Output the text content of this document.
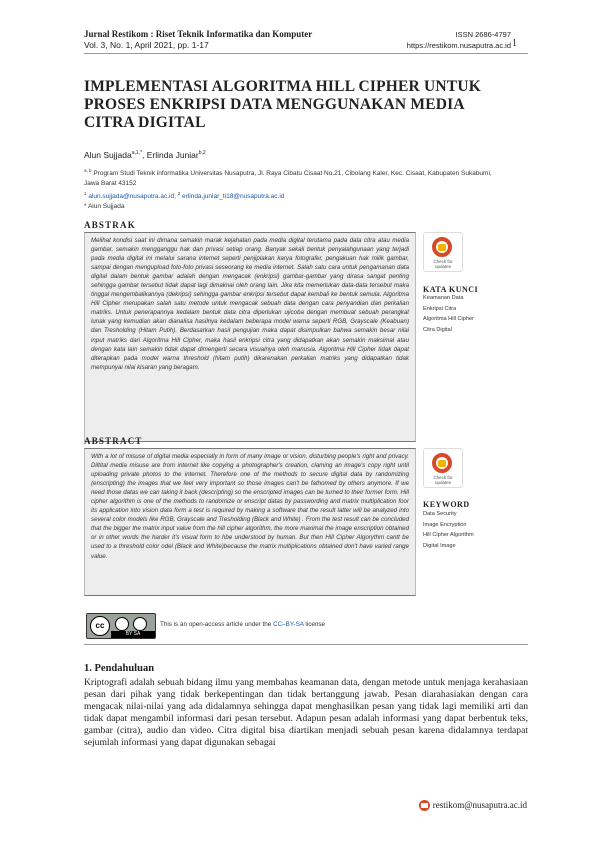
Jurnal Restikom : Riset Teknik Informatika dan Komputer
Vol. 3, No. 1, April 2021, pp. 1-17
ISSN 2686-4797
https://restikom.nusaputra.ac.id 1
IMPLEMENTASI ALGORITMA HILL CIPHER UNTUK PROSES ENKRIPSI DATA MENGGUNAKAN MEDIA CITRA DIGITAL
Alun Sujjada$^{a,1,*}$, Erlinda Juniar$^{b,2}$
$^{a, b}$ Program Studi Teknik informatika Universitas Nusaputra, Jl. Raya Cibatu Cisaat No.21, Cibolang Kaler, Kec. Cisaat, Kabupaten Sukabumi, Jawa Barat 43152
$^1$ alun.sujjada@nusaputra.ac.id; $^2$ erlinda.juniar_ti18@nusaputra.ac.id
* Alun Sujjada
ABSTRAK
Melihat kondisi saat ini dimana semakin marak kejahatan pada media digital terutama pada data citra atau media gambar, semakin mengganggu hak dan privasi setiap orang. Banyak sekali bentuk penyalahgunaan yang terjadi pada media digital ini melalui sarana internet seperti penjiplakan karya fotografer, pengakuan hak milik gambar, sampai dengan mengupload foto-foto privasi seseorang ke media internet. Salah satu cara untuk pengamanan data digital dalam bentuk gambar adalah dengan mengacak (enkripsi) gambar-gambar yang dirasa sangat penting sehingga gambar tersebut tidak dapat lagi dimaknai oleh orang lain. Jika kita memerlukan data-data tersebut maka tinggal mengembalikannya (dekripsi) sehingga gambar enkripsi tersebut dapat kembali ke bentuk semula. Algoritma Hill Cipher merupakan salah satu metode untuk mengacak sebuah data dengan cara penyandian dan perkalian matriks. Untuk penerapannya kedalam bentuk data citra diperlukan ujicoba dengan membuat sebuah perangkat lunak yang kemudian akan dianalisa hasilnya kedalam beberapa model warna seperti RGB, Grayscale (Keabuan) dan Tresholding (Hitam Putih). Berdasarkan hasil pengujian maka dapat disimpulkan bahwa semakin besar nilai input matriks dari Algoritma Hill Cipher, maka hasil enkripsi citra yang didapatkan akan semakin maksimal atau dengan kata lain semakin tidak dapat dimengerti secara visualnya oleh manusia. Algoritma Hill Cipher tidak dapat diterapkan pada model warna threshold (hitam putih) dikarenakan perkalian matriks yang didapatkan tidak mempunyai nilai kisaran yang beragam.
Check for
updates
KATA KUNCI
Keamanan Data
Enkripsi Citra
Algoritma Hill Cipher
Citra Digital
ABSTRACT
With a lot of misuse of digital media especially in form of many image or vision, disturbing people's right and privacy. Diltital media misuse are from internet like copying a photographer's creation, claming an image's copy right until uploading private photos to the internet. Therefore one of the methods to secure digital data by randomizing (enscripting) the images that we feel very important so those images can't be fathomed by others anymore. If we need those datas we can taking it back (descripting) so the enscripted images can be turned to their former form. Hill cipher algorithm is one of the methods to randomize or enscript datas by passwording and matrix multiplication foor its application into vision data form a test is required by making a software that the result latter will be analyzed into several color models like RGB, Grayscale and Tresholding (Black and White) . From the test result can be concluded that the bigger the matrix input value from the hill cipher algorithm, the more maximal the image enscription obtained or in other words the harder it's visual form to hbe understood by human. But then Hill Cipher Algorythm cantt be used to a threshold color odel (Black and White)because the matrix multiplications obtained don't have varied range value.
Check for
updates
KEYWORD
Data Security
Image Encryption
Hill Cipher Algorithm
Digital Image
cc
BY SA
This is an open-access article under the CC–BY-SA license
1. Pendahuluan
Kriptografi adalah sebuah bidang ilmu yang membahas keamanan data, dengan metode untuk menjaga kerahasiaan pesan dari pihak yang tidak berkepentingan dan tidak bertanggung jawab. Pesan diarahasiakan dengan cara mengacak nilai-nilai yang ada didalamnya sehingga dapat menghasilkan pesan yang tidak lagi memiliki arti dan tidak dapat mengambil informasi dari pesan tersebut. Adapun pesan adalah informasi yang dapat berbentuk teks, gambar (citra), audio dan video. Citra digital bisa diartikan menjadi sebuah pesan karena didalamnya terdapat sejumlah informasi yang dapat digunakan sebagai
restikom@nusaputra.ac.id
